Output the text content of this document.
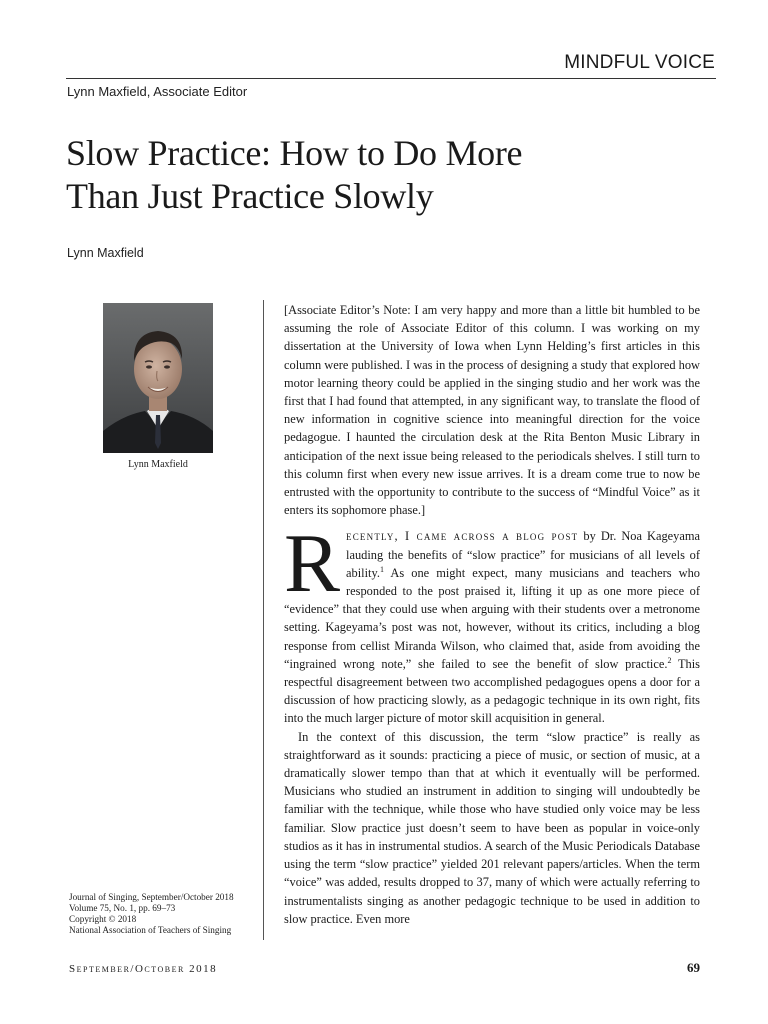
MINDFUL VOICE
Lynn Maxfield, Associate Editor
Slow Practice: How to Do More
Than Just Practice Slowly
Lynn Maxfield
Lynn Maxfield
Journal of Singing, September/October 2018
Volume 75, No. 1, pp. 69–73
Copyright © 2018
National Association of Teachers of Singing

[Associate Editor’s Note: I am very happy and more than a little bit humbled to be assuming the role of Associate Editor of this column. I was working on my dissertation at the University of Iowa when Lynn Helding’s first articles in this column were published. I was in the process of designing a study that explored how motor learning theory could be applied in the singing studio and her work was the first that I had found that attempted, in any significant way, to translate the flood of new information in cognitive science into meaningful direction for the voice pedagogue. I haunted the circulation desk at the Rita Benton Music Library in anticipation of the next issue being released to the periodicals shelves. I still turn to this column first when every new issue arrives. It is a dream come true to now be entrusted with the opportunity to contribute to the success of “Mindful Voice” as it enters its sophomore phase.]

Recently, I came across a blog post by Dr. Noa Kageyama lauding the benefits of “slow practice” for musicians of all levels of ability.$^1$ As one might expect, many musicians and teachers who responded to the post praised it, lifting it up as one more piece of “evidence” that they could use when arguing with their students over a metronome setting. Kageyama’s post was not, however, without its critics, including a blog response from cellist Miranda Wilson, who claimed that, aside from avoiding the “ingrained wrong note,” she failed to see the benefit of slow practice.$^2$ This respectful disagreement between two accomplished pedagogues opens a door for a discussion of how practicing slowly, as a pedagogic technique in its own right, fits into the much larger picture of motor skill acquisition in general.

In the context of this discussion, the term “slow practice” is really as straightforward as it sounds: practicing a piece of music, or section of music, at a dramatically slower tempo than that at which it eventually will be performed. Musicians who studied an instrument in addition to singing will undoubtedly be familiar with the technique, while those who have studied only voice may be less familiar. Slow practice just doesn’t seem to have been as popular in voice-only studios as it has in instrumental studios. A search of the Music Periodicals Database using the term “slow practice” yielded 201 relevant papers/articles. When the term “voice” was added, results dropped to 37, many of which were actually referring to instrumentalists singing as another pedagogic technique to be used in addition to slow practice. Even more

September/October 2018	69
